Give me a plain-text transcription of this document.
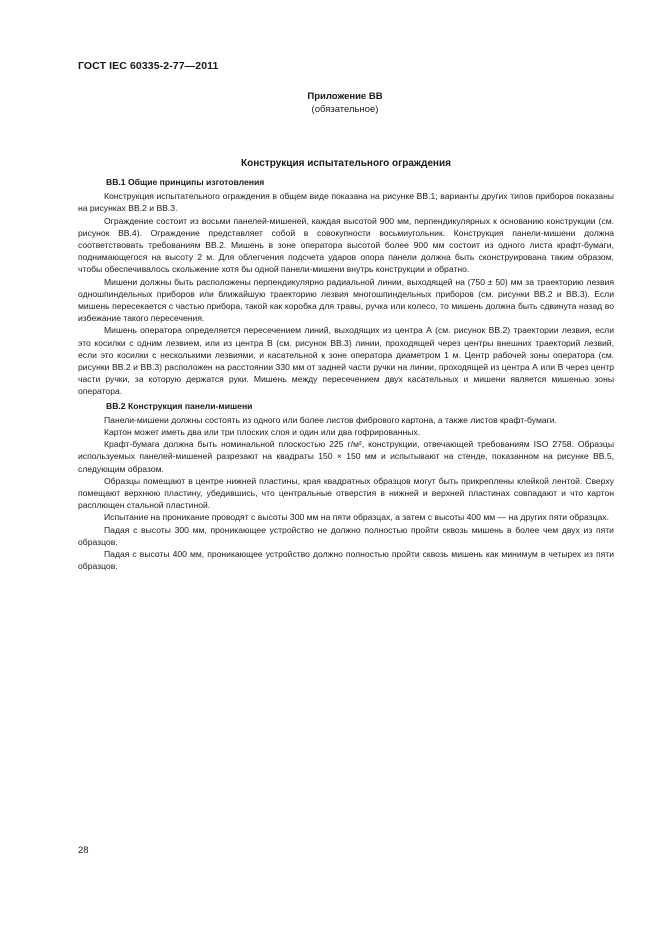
ГОСТ IEC 60335-2-77—2011
Приложение ВВ
(обязательное)
Конструкция испытательного ограждения

ВВ.1 Общие принципы изготовления

Конструкция испытательного ограждения в общем виде показана на рисунке ВВ.1; варианты других типов приборов показаны на рисунках ВВ.2 и ВВ.3.

Ограждение состоит из восьми панелей-мишеней, каждая высотой 900 мм, перпендикулярных к основанию конструкции (см. рисунок ВВ.4). Ограждение представляет собой в совокупности восьмиугольник. Конструкция панели-мишени должна соответствовать требованиям ВВ.2. Мишень в зоне оператора высотой более 900 мм состоит из одного листа крафт-бумаги, поднимающегося на высоту 2 м. Для облегчения подсчета ударов опора панели должна быть сконструирована таким образом, чтобы обеспечивалось скольжение хотя бы одной панели-мишени внутрь конструкции и обратно.

Мишени должны быть расположены перпендикулярно радиальной линии, выходящей на (750 ± 50) мм за траекторию лезвия одношпиндельных приборов или ближайшую траекторию лезвия многошпиндельных приборов (см. рисунки ВВ.2 и ВВ.3). Если мишень пересекается с частью прибора, такой как коробка для травы, ручка или колесо, то мишень должна быть сдвинута назад во избежание такого пересечения.

Мишень оператора определяется пересечением линий, выходящих из центра А (см. рисунок ВВ.2) траектории лезвия, если это косилки с одним лезвием, или из центра В (см. рисунок ВВ.3) линии, проходящей через центры внешних траекторий лезвий, если это косилки с несколькими лезвиями, и касательной к зоне оператора диаметром 1 м. Центр рабочей зоны оператора (см. рисунки ВВ.2 и ВВ.3) расположен на расстоянии 330 мм от задней части ручки на линии, проходящей из центра А или В через центр части ручки, за которую держатся руки. Мишень между пересечением двух касательных и мишени является мишенью зоны оператора.

ВВ.2 Конструкция панели-мишени

Панели-мишени должны состоять из одного или более листов фибрового картона, а также листов крафт-бумаги.

Картон может иметь два или три плоских слоя и один или два гофрированных.

Крафт-бумага должна быть номинальной плоскостью 225 г/м², конструкции, отвечающей требованиям ISO 2758. Образцы используемых панелей-мишеней разрезают на квадраты 150 × 150 мм и испытывают на стенде, показанном на рисунке ВВ.5, следующим образом.

Образцы помещают в центре нижней пластины, края квадратных образцов могут быть прикреплены клейкой лентой. Сверху помещают верхнюю пластину, убедившись, что центральные отверстия в нижней и верхней пластинах совпадают и что картон расплющен стальной пластиной.

Испытание на проникание проводят с высоты 300 мм на пяти образцах, а затем с высоты 400 мм — на других пяти образцах.

Падая с высоты 300 мм, проникающее устройство не должно полностью пройти сквозь мишень в более чем двух из пяти образцов.

Падая с высоты 400 мм, проникающее устройство должно полностью пройти сквозь мишень как минимум в четырех из пяти образцов.

28
